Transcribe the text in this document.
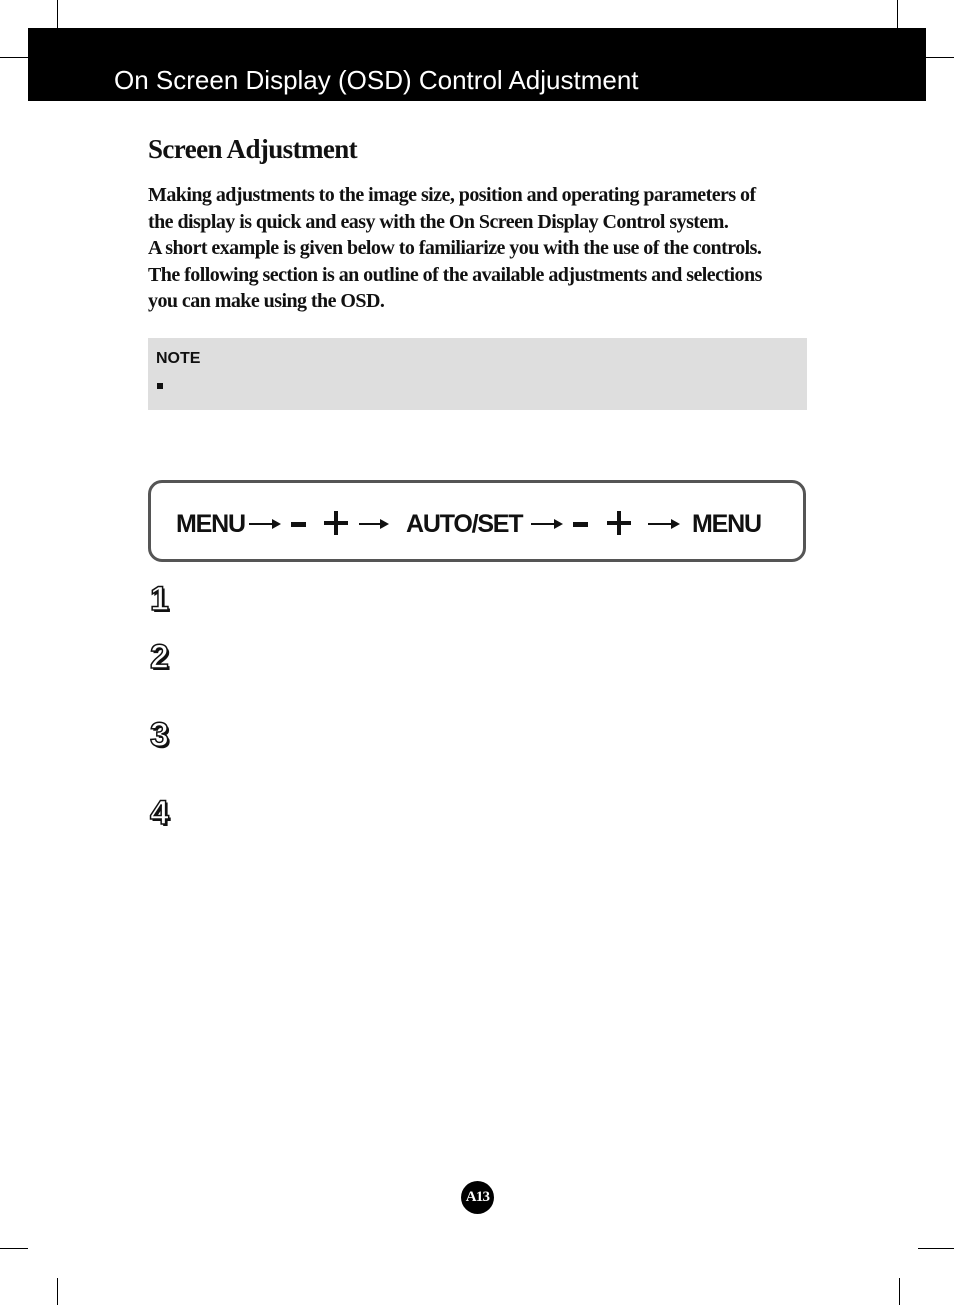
On Screen Display (OSD) Control Adjustment
Screen Adjustment

Making adjustments to the image size, position and operating parameters of

the display is quick and easy with the On Screen Display Control system.

A short example is given below to familiarize you with the use of the controls.

The following section is an outline of the available adjustments and selections

you can make using the OSD.

NOTE
MENU	AUTO/SET	MENU
1
2
3
4
A13
